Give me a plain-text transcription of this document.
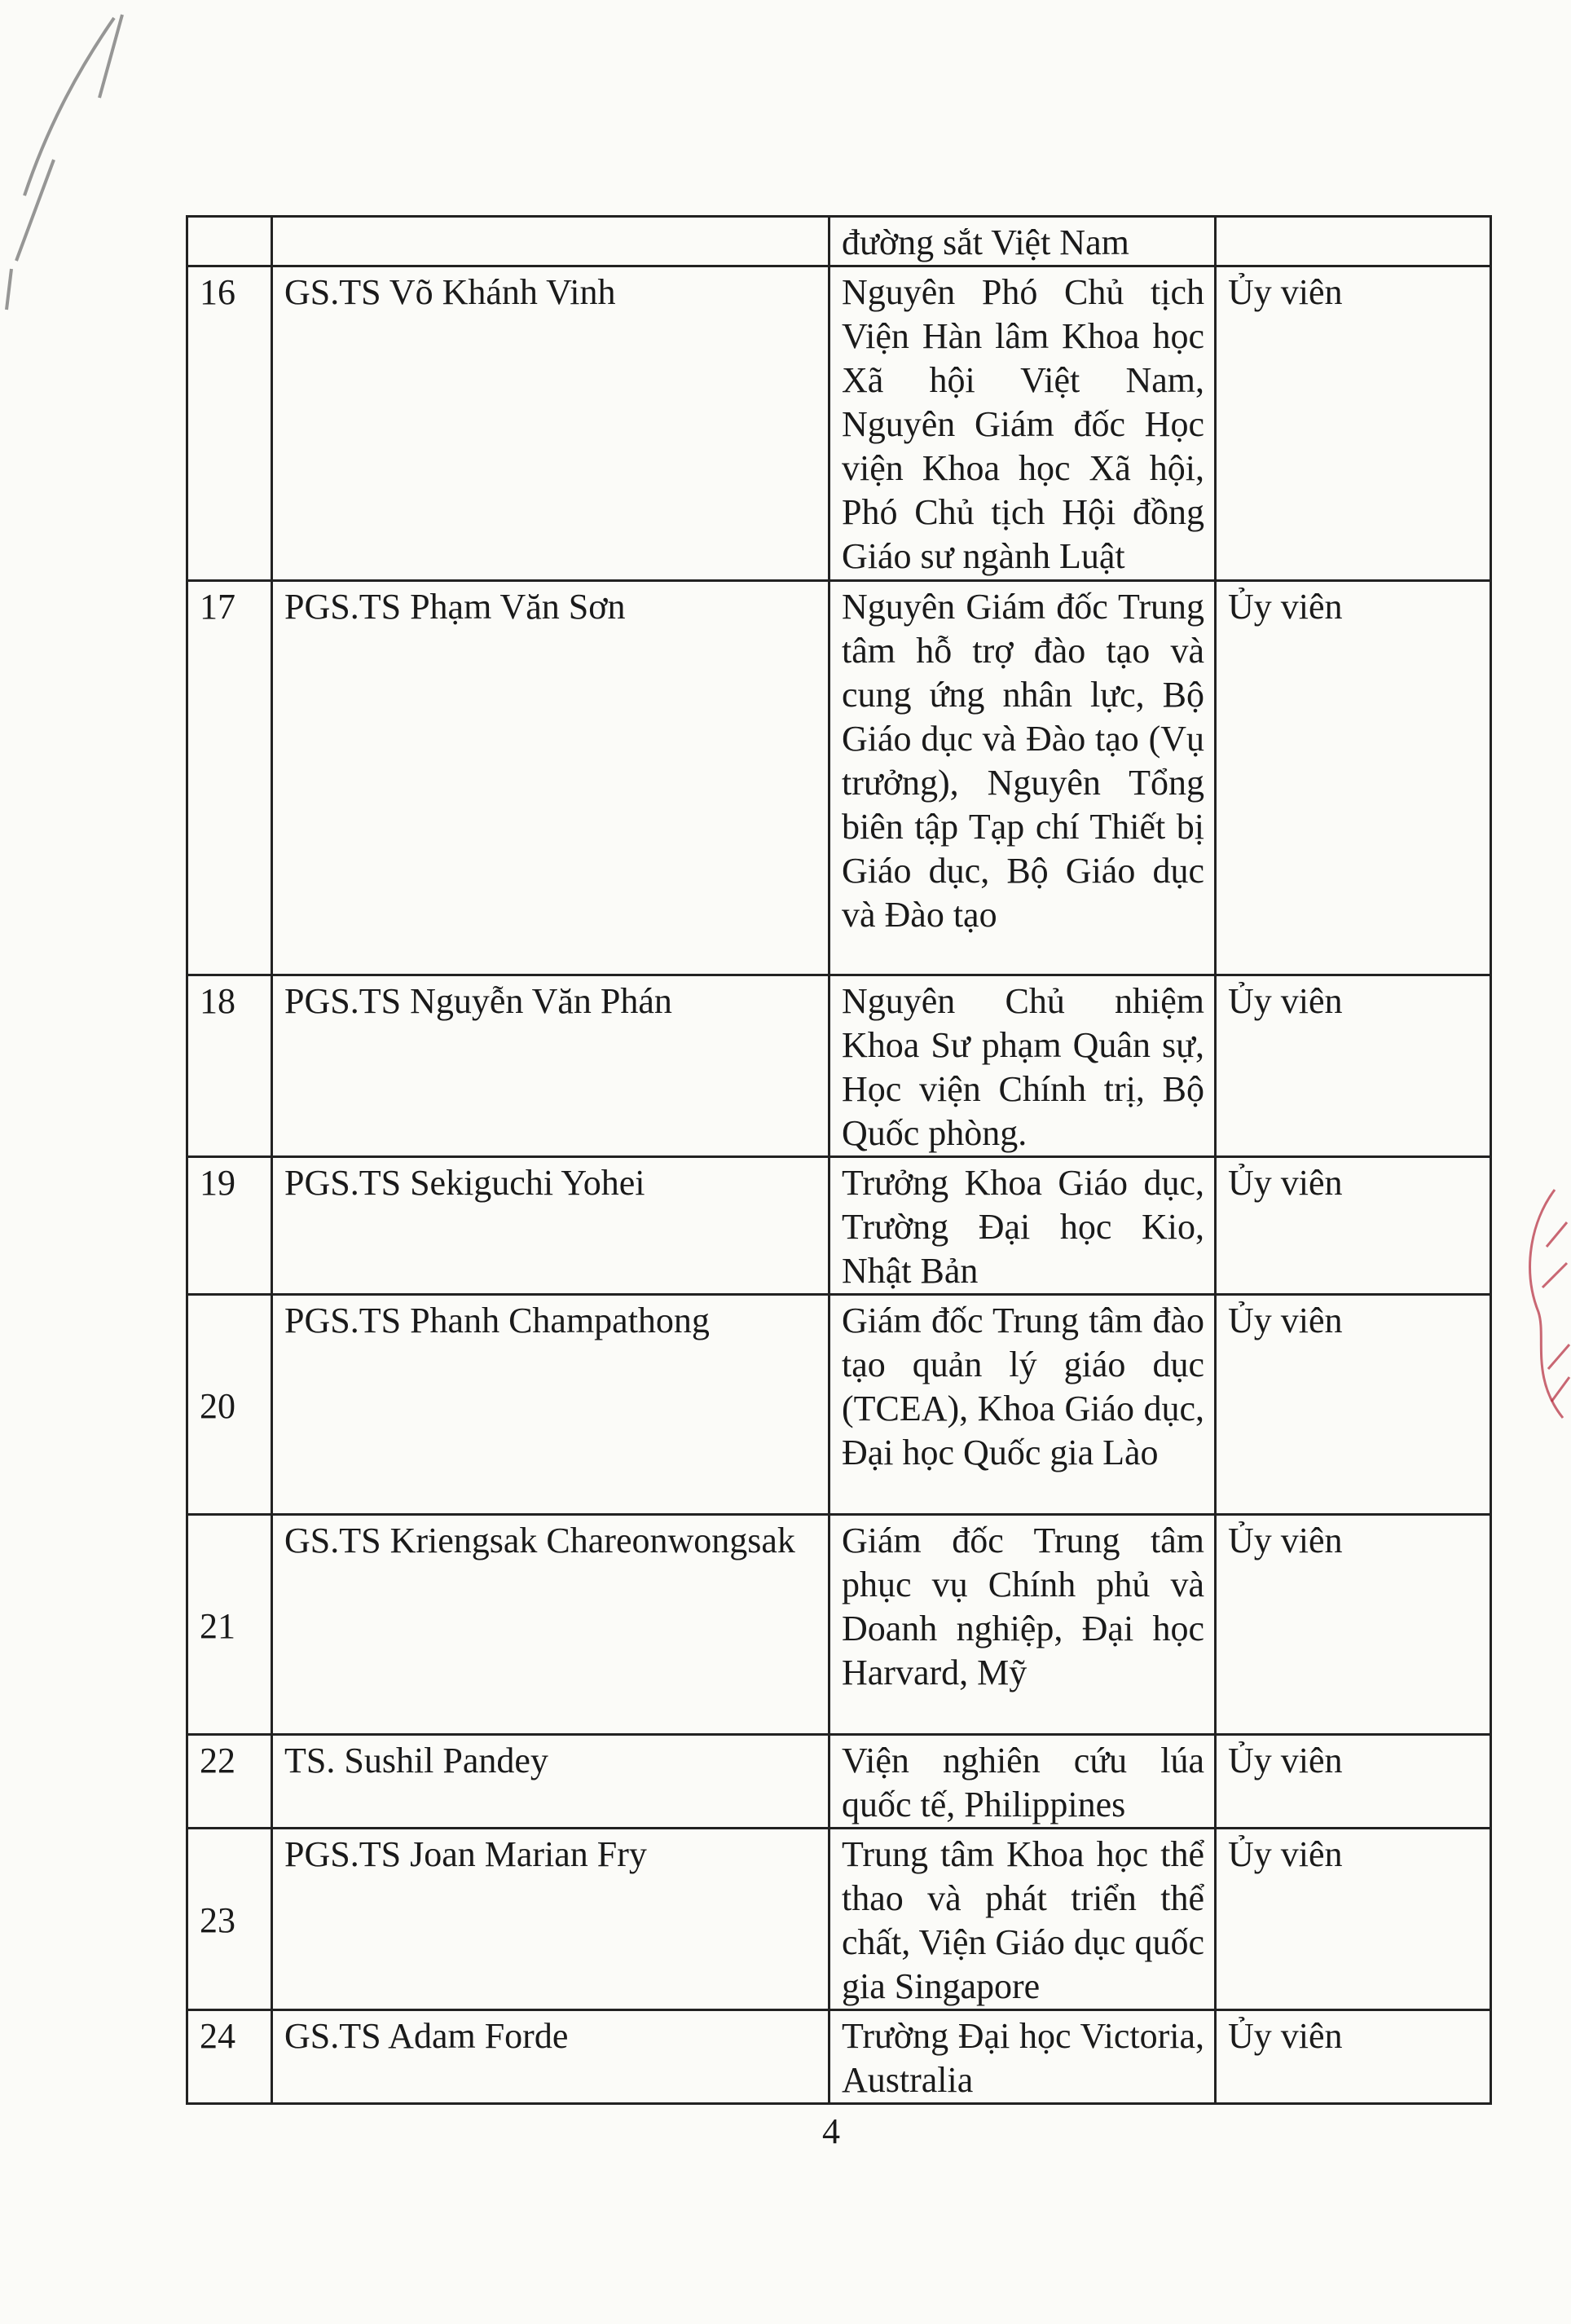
		đường sắt Việt Nam	
16	GS.TS Võ Khánh Vinh	Nguyên Phó Chủ tịch Viện Hàn lâm Khoa học Xã hội Việt Nam, Nguyên Giám đốc Học viện Khoa học Xã hội, Phó Chủ tịch Hội đồng Giáo sư ngành Luật	Ủy viên
17	PGS.TS Phạm Văn Sơn	Nguyên Giám đốc Trung tâm hỗ trợ đào tạo và cung ứng nhân lực, Bộ Giáo dục và Đào tạo (Vụ trưởng), Nguyên Tổng biên tập Tạp chí Thiết bị Giáo dục, Bộ Giáo dục và Đào tạo	Ủy viên
18	PGS.TS Nguyễn Văn Phán	Nguyên Chủ nhiệm Khoa Sư phạm Quân sự, Học viện Chính trị, Bộ Quốc phòng.	Ủy viên
19	PGS.TS Sekiguchi Yohei	Trưởng Khoa Giáo dục, Trường Đại học Kio, Nhật Bản	Ủy viên
20	PGS.TS Phanh Champathong	Giám đốc Trung tâm đào tạo quản lý giáo dục (TCEA), Khoa Giáo dục, Đại học Quốc gia Lào	Ủy viên
21	GS.TS Kriengsak Chareonwongsak	Giám đốc Trung tâm phục vụ Chính phủ và Doanh nghiệp, Đại học Harvard, Mỹ	Ủy viên
22	TS. Sushil Pandey	Viện nghiên cứu lúa quốc tế, Philippines	Ủy viên
23	PGS.TS Joan Marian Fry	Trung tâm Khoa học thể thao và phát triển thể chất, Viện Giáo dục quốc gia Singapore	Ủy viên
24	GS.TS Adam Forde	Trường Đại học Victoria, Australia	Ủy viên
4
